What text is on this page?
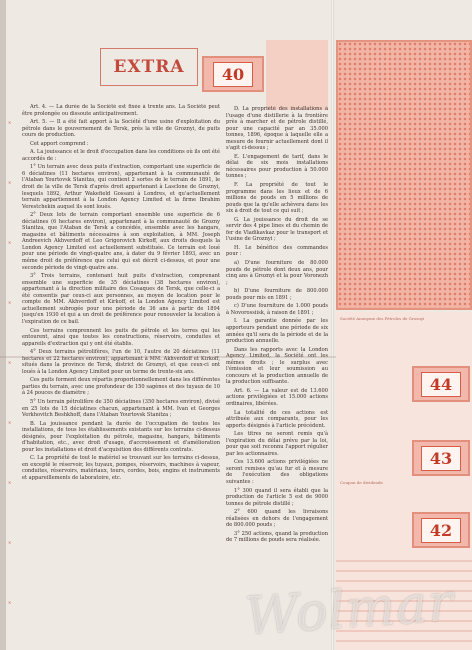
✕
✕
✕
✕
✕
✕
✕
✕
✕
EXTRA	40

Art. 4. — La durée de la Société est fixée à trente ans. La Société peut être prolongée ou dissoute anticipativement.

Art. 5. — Il a été fait apport à la Société d'une usine d'exploitation du pétrole dans le gouvernement de Tersk, près la ville de Groznyi, de puits cours de production.

Cet apport comprend :

A. La jouissance et le droit d'occupation dans les conditions où ils ont été accordés de :

1° Un terrain avec deux puits d'extraction, comportant une superficie de 6 déciatines (11 hectares environ), appartenant à la communauté de l'Ataban Yourtovsk Stanitza, qui contient 2 sortes de le terrain de 1891, le droit de la ville de Tersk d'après droit appartenant à Lasclone de Groznyi, lesquels 1892, Arthur Wakefield Gossani à Londres, et qu'actuellement terrain appartiennent à la London Agency Limited et la firme Ibrahim Verestchekin auquel ils sont loués.

2° Deux lots de terrain comportant ensemble une superficie de 6 déciatines (6 hectares environ), appartenant à la communauté de Grozny Stanitza, que l'Ataban de Tersk a concédés, ensemble avec les hangars, magasins et bâtiments nécessaires à son exploitation, à MM. Joseph Andreevich Akhverdoff et Leo Grigorovich Kirkoff, aux droits desquels la London Agency Limited est actuellement substituée. Ce terrain est loué pour une période de vingt-quatre ans, à dater du 9 février 1893, avec un même droit de préférence que celui qui est décrit ci-dessus, et pour une seconde période de vingt-quatre ans.

3° Trois terrains, contenant huit puits d'extraction, comprenant ensemble une superficie de 35 déciatines (38 hectares environ), appartenant à la direction militaire des Cosaques de Tersk, que celle-ci a été consentis par ceux-ci aux personnes, au moyen de location pour le compte de MM. Akhverdoff et Kirkoff, et la London Agency Limited est actuellement subrogée pour une période de 36 ans à partir de 1894 jusqu'en 1930 et qui a un droit de préférence pour renouveler la location à l'expiration de ce bail.

Ces terrains comprennent les puits de pétrole et les terres qui les entourent, ainsi que toutes les constructions, réservoirs, conduites et appareils d'extraction qui y ont été établis.

4° Deux terrains pétrolifères, l'un de 10, l'autre de 20 déciatines (11 hectares et 22 hectares environ), appartenant à MM. Akhverdoff et Kirkoff, situés dans la province de Tersk, district de Groznyi, et que ceux-ci ont loués à la London Agency Limited pour un terme de trente-six ans.

Ces puits forment deux répartis proportionnellement dans les différentes parties du terrain, avec une profondeur de 150 sagènes et des tuyaux de 10 à 24 pouces de diamètre ;

5° Un terrain pétrolifère de 350 déciatines (350 hectares environ), divisé en 25 lots de 15 déciatines chacun, appartenant à MM. Ivan et Georges Verkhovitch Beshkhoff, dans l'Ataban Yourtovsk Stanitza ;

B. La jouissance pendant la durée de l'occupation de toutes les installations, de tous les établissements existants sur les terrains ci-dessus désignés, pour l'exploitation du pétrole, magasins, hangars, bâtiments d'habitation, etc., avec droit d'usage, d'accroissement et d'amélioration pour les installations et droit d'acquisition des différents contrats.

C. La propriété de tout le matériel se trouvant sur les terrains ci-dessus, en excepté le réservoir, les tuyaux, pompes, réservoirs, machines à vapeur, conduites, réservoirs, matériaux, tours, cordes, bois, engins et instruments et appareillements de laboratoire, etc.

D. La propriété des installations à l'usage d'une distillerie à la frontière près à marcher et de pétrole distillé, pour une capacité par an 35.000 tonnes, 1896, époque à laquelle elle a mesure de fournir actuellement dont il s'agit ci-dessus ;

E. L'engagement de tarif, dans le délai de six mois installations nécessaires pour production à 50.000 tonnes ;

F. La propriété de tout le programme dans les lieux et de 6 millions de pouds en 5 millions de pouds que la qu'elle achèvera dans les six à droit de tout ce qui suit ;

G. La jouissance du droit de se servir des 4 pipe lines et du chemin de fer de Vladikavkaz pour le transport et l'usine de Groznyi ;

H. Le bénéfice des commandes pour :

a) D'une fourniture de 80.000 pouds de pétrole dont deux ans, pour cinq ans à Groznyi et la pour Voronezh ;

b) D'une fourniture de 800.000 pouds pour mis en 1891 ;

c) D'une fourniture de 1.000 pouds à Novorossiisk, à raison de 1891 ;

I. La garantie donnée par les apporteurs pendant une période de six années qu'il sera de la période et de la production annuelle.

Dans les rapports avec la London Agency Limited, la Société ont les mêmes droits ; le surplus avec l'émission et leur soumission au concours et la production annuelle de la production suffisante.

Art. 6. — La valeur est de 13.600 actions privilégiées et 15.000 actions ordinaires, libérées.

La totalité de ces actions est attribuée aux comparants, pour les apports désignés à l'article précédent.

Les titres ne seront remis qu'à l'expiration du délai prévu par la loi, pour que soit reconnu l'apport régulier par les actionnaires.

Ces 13.600 actions privilégiées ne seront remises qu'au fur et à mesure de l'exécution des obligations suivantes :

1° 300 quand il sera établi que la production de l'article 5 est de 9000 tonnes de pétrole distillé ;

2° 600 quand les livraisons réalisées en dehors de l'engagement de 800.000 pouds ;

3° 250 actions, quand la production de 7 millions de pouds sera réalisée.

Société Anonyme des Pétroles de Grosnyi
44
43
Coupon de dividende
42
Wolmar
